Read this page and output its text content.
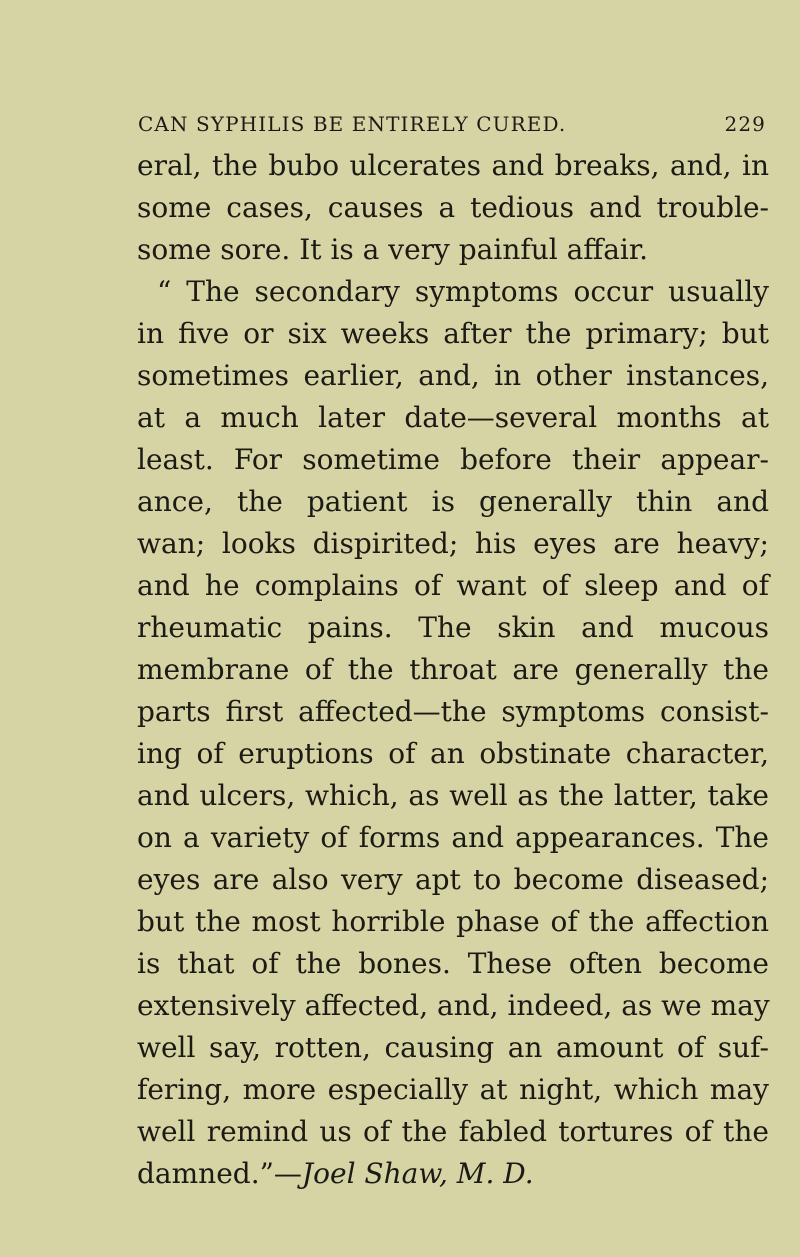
CAN SYPHILIS BE ENTIRELY CURED.	229
eral, the bubo ulcerates and breaks, and, in
some cases, causes a tedious and trouble-
some sore. It is a very painful affair.
“ The secondary symptoms occur usually
in five or six weeks after the primary; but
sometimes earlier, and, in other instances,
at a much later date—several months at
least. For sometime before their appear-
ance, the patient is generally thin and
wan; looks dispirited; his eyes are heavy;
and he complains of want of sleep and of
rheumatic pains. The skin and mucous
membrane of the throat are generally the
parts first affected—the symptoms consist-
ing of eruptions of an obstinate character,
and ulcers, which, as well as the latter, take
on a variety of forms and appearances. The
eyes are also very apt to become diseased;
but the most horrible phase of the affection
is that of the bones. These often become
extensively affected, and, indeed, as we may
well say, rotten, causing an amount of suf-
fering, more especially at night, which may
well remind us of the fabled tortures of the
damned.”—Joel Shaw, M. D.
